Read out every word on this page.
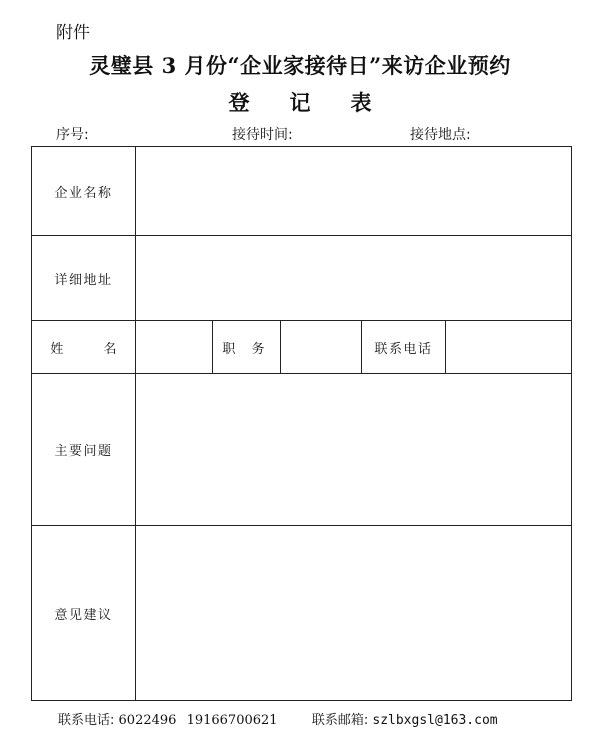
附件
灵璧县 3 月份“企业家接待日”来访企业预约
登 记 表
序号:	接待时间:	接待地点:
企业名称					
详细地址					
姓 名		职 务		联系电话	
主要问题					
意见建议					
联系电话: 6022496 19166700621	联系邮箱: szlbxgsl@163.com
